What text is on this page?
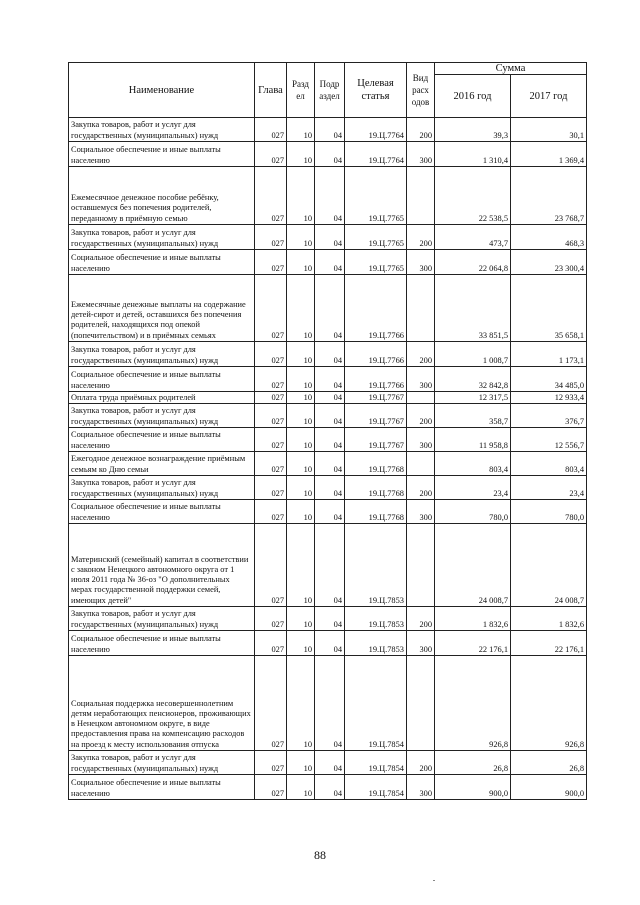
Наименование	Глава	Разд ел	Подр аздел	Целевая статья	Вид расх одов	Сумма	
						2016 год	2017 год
Закупка товаров, работ и услуг для государственных (муниципальных) нужд	027	10	04	19.Ц.7764	200	39,3	30,1
Социальное обеспечение и иные выплаты населению	027	10	04	19.Ц.7764	300	1 310,4	1 369,4
Ежемесячное денежное пособие ребёнку, оставшемуся без попечения родителей, переданному в приёмную семью	027	10	04	19.Ц.7765		22 538,5	23 768,7
Закупка товаров, работ и услуг для государственных (муниципальных) нужд	027	10	04	19.Ц.7765	200	473,7	468,3
Социальное обеспечение и иные выплаты населению	027	10	04	19.Ц.7765	300	22 064,8	23 300,4
Ежемесячные денежные выплаты на содержание детей-сирот и детей, оставшихся без попечения родителей, находящихся под опекой (попечительством) и в приёмных семьях	027	10	04	19.Ц.7766		33 851,5	35 658,1
Закупка товаров, работ и услуг для государственных (муниципальных) нужд	027	10	04	19.Ц.7766	200	1 008,7	1 173,1
Социальное обеспечение и иные выплаты населению	027	10	04	19.Ц.7766	300	32 842,8	34 485,0
Оплата труда приёмных родителей	027	10	04	19.Ц.7767		12 317,5	12 933,4
Закупка товаров, работ и услуг для государственных (муниципальных) нужд	027	10	04	19.Ц.7767	200	358,7	376,7
Социальное обеспечение и иные выплаты населению	027	10	04	19.Ц.7767	300	11 958,8	12 556,7
Ежегодное денежное вознаграждение приёмным семьям ко Дню семьи	027	10	04	19.Ц.7768		803,4	803,4
Закупка товаров, работ и услуг для государственных (муниципальных) нужд	027	10	04	19.Ц.7768	200	23,4	23,4
Социальное обеспечение и иные выплаты населению	027	10	04	19.Ц.7768	300	780,0	780,0
Материнский (семейный) капитал в соответствии с законом Ненецкого автономного округа от 1 июля 2011 года № 36-оз "О дополнительных мерах государственной поддержки семей, имеющих детей"	027	10	04	19.Ц.7853		24 008,7	24 008,7
Закупка товаров, работ и услуг для государственных (муниципальных) нужд	027	10	04	19.Ц.7853	200	1 832,6	1 832,6
Социальное обеспечение и иные выплаты населению	027	10	04	19.Ц.7853	300	22 176,1	22 176,1
Социальная поддержка несовершеннолетним детям неработающих пенсионеров, проживающих в Ненецком автономном округе, в виде предоставления права на компенсацию расходов на проезд к месту использования отпуска	027	10	04	19.Ц.7854		926,8	926,8
Закупка товаров, работ и услуг для государственных (муниципальных) нужд	027	10	04	19.Ц.7854	200	26,8	26,8
Социальное обеспечение и иные выплаты населению	027	10	04	19.Ц.7854	300	900,0	900,0
88
